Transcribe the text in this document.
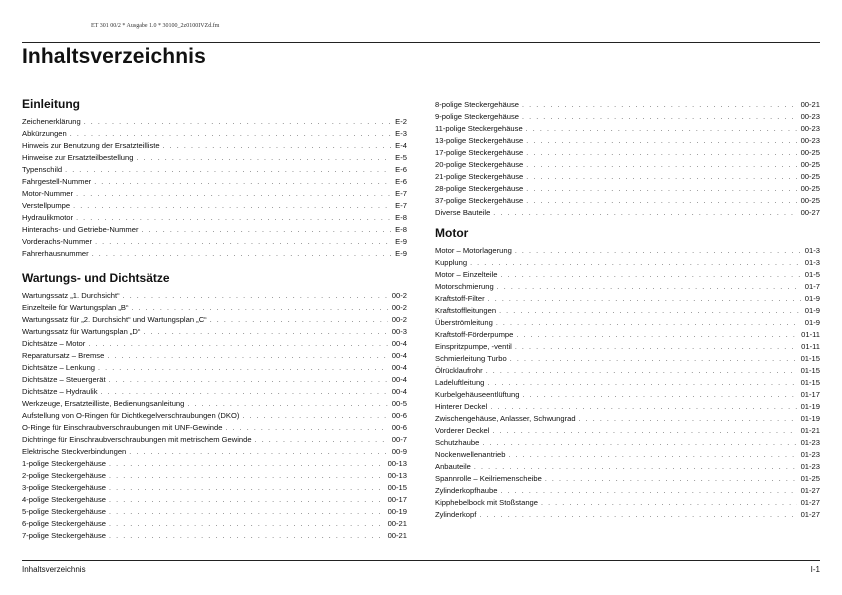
ET 301 00/2 * Ausgabe 1.0 * 30100_2z0100IVZd.fm
Inhaltsverzeichnis
Einleitung
Zeichenerklärung . . .	E-2
Abkürzungen . . .	E-3
Hinweis zur Benutzung der Ersatzteilliste . . .	E-4
Hinweise zur Ersatzteilbestellung . . .	E-5
Typenschild . . .	E-6
Fahrgestell-Nummer . . .	E-6
Motor-Nummer . . .	E-7
Verstellpumpe . . .	E-7
Hydraulikmotor . . .	E-8
Hinterachs- und Getriebe-Nummer . . .	E-8
Vorderachs-Nummer . . .	E-9
Fahrerhausnummer . . .	E-9
Wartungs- und Dichtsätze
Wartungssatz „1. Durchsicht“ . . .	00-2
Einzelteile für Wartungsplan „B“ . . .	00-2
Wartungssatz für „2. Durchsicht“ und Wartungsplan „C“ . . .	00-2
Wartungssatz für Wartungsplan „D“ . . .	00-3
Dichtsätze – Motor . . .	00-4
Reparatursatz – Bremse . . .	00-4
Dichtsätze – Lenkung . . .	00-4
Dichtsätze – Steuergerät . . .	00-4
Dichtsätze – Hydraulik . . .	00-4
Werkzeuge, Ersatzteilliste, Bedienungsanleitung . . .	00-5
Aufstellung von O-Ringen für Dichtkegelverschraubungen (DKO) . . .	00-6
O-Ringe für Einschraubverschraubungen mit UNF-Gewinde . . .	00-6
Dichtringe für Einschraubverschraubungen mit metrischem Gewinde . . .	00-7
Elektrische Steckverbindungen . . .	00-9
1-polige Steckergehäuse . . .	00-13
2-polige Steckergehäuse . . .	00-13
3-polige Steckergehäuse . . .	00-15
4-polige Steckergehäuse . . .	00-17
5-polige Steckergehäuse . . .	00-19
6-polige Steckergehäuse . . .	00-21
7-polige Steckergehäuse . . .	00-21
8-polige Steckergehäuse . . .	00-21
9-polige Steckergehäuse . . .	00-23
11-polige Steckergehäuse . . .	00-23
13-polige Steckergehäuse . . .	00-23
17-polige Steckergehäuse . . .	00-25
20-polige Steckergehäuse . . .	00-25
21-polige Steckergehäuse . . .	00-25
28-polige Steckergehäuse . . .	00-25
37-polige Steckergehäuse . . .	00-25
Diverse Bauteile . . .	00-27
Motor
Motor – Motorlagerung . . .	01-3
Kupplung . . .	01-3
Motor – Einzelteile . . .	01-5
Motorschmierung . . .	01-7
Kraftstoff-Filter . . .	01-9
Kraftstoffleitungen . . .	01-9
Überströmleitung . . .	01-9
Kraftstoff-Förderpumpe . . .	01-11
Einspritzpumpe, -ventil . . .	01-11
Schmierleitung Turbo . . .	01-15
Ölrücklaufrohr . . .	01-15
Ladeluftleitung . . .	01-15
Kurbelgehäuseentlüftung . . .	01-17
Hinterer Deckel . . .	01-19
Zwischengehäuse, Anlasser, Schwungrad . . .	01-19
Vorderer Deckel . . .	01-21
Schutzhaube . . .	01-23
Nockenwellenantrieb . . .	01-23
Anbauteile . . .	01-23
Spannrolle – Keilriemenscheibe . . .	01-25
Zylinderkopfhaube . . .	01-27
Kipphebelbock mit Stoßstange . . .	01-27
Zylinderkopf . . .	01-27
Inhaltsverzeichnis	I-1
